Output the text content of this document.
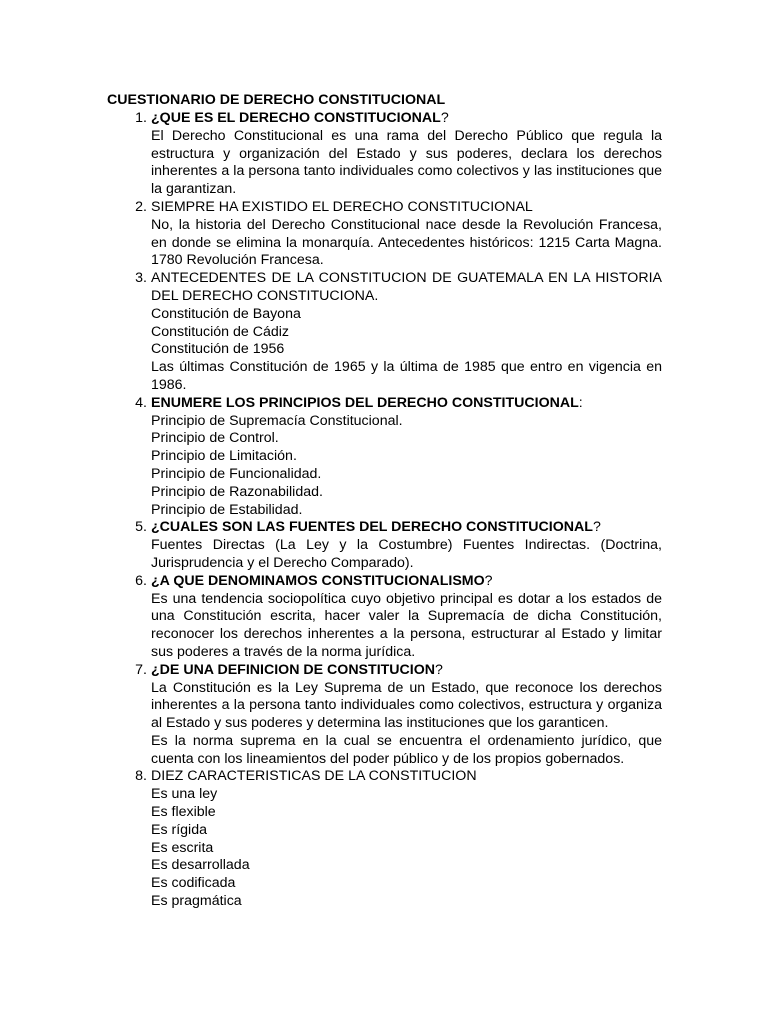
CUESTIONARIO DE DERECHO CONSTITUCIONAL
1. ¿QUE ES EL DERECHO CONSTITUCIONAL?
El Derecho Constitucional es una rama del Derecho Público que regula la estructura y organización del Estado y sus poderes, declara los derechos inherentes a la persona tanto individuales como colectivos y las instituciones que la garantizan.
2. SIEMPRE HA EXISTIDO EL DERECHO CONSTITUCIONAL
No, la historia del Derecho Constitucional nace desde la Revolución Francesa, en donde se elimina la monarquía. Antecedentes históricos: 1215 Carta Magna. 1780 Revolución Francesa.
3. ANTECEDENTES DE LA CONSTITUCION DE GUATEMALA EN LA HISTORIA DEL DERECHO CONSTITUCIONA.
Constitución de Bayona
Constitución de Cádiz
Constitución de 1956
Las últimas Constitución de 1965 y la última de 1985 que entro en vigencia en 1986.
4. ENUMERE LOS PRINCIPIOS DEL DERECHO CONSTITUCIONAL:
Principio de Supremacía Constitucional.
Principio de Control.
Principio de Limitación.
Principio de Funcionalidad.
Principio de Razonabilidad.
Principio de Estabilidad.
5. ¿CUALES SON LAS FUENTES DEL DERECHO CONSTITUCIONAL?
Fuentes Directas (La Ley y la Costumbre) Fuentes Indirectas. (Doctrina, Jurisprudencia y el Derecho Comparado).
6. ¿A QUE DENOMINAMOS CONSTITUCIONALISMO?
Es una tendencia sociopolítica cuyo objetivo principal es dotar a los estados de una Constitución escrita, hacer valer la Supremacía de dicha Constitución, reconocer los derechos inherentes a la persona, estructurar al Estado y limitar sus poderes a través de la norma jurídica.
7. ¿DE UNA DEFINICION DE CONSTITUCION?
La Constitución es la Ley Suprema de un Estado, que reconoce los derechos inherentes a la persona tanto individuales como colectivos, estructura y organiza al Estado y sus poderes y determina las instituciones que los garanticen.
Es la norma suprema en la cual se encuentra el ordenamiento jurídico, que cuenta con los lineamientos del poder público y de los propios gobernados.
8. DIEZ CARACTERISTICAS DE LA CONSTITUCION
Es una ley
Es flexible
Es rígida
Es escrita
Es desarrollada
Es codificada
Es pragmática
